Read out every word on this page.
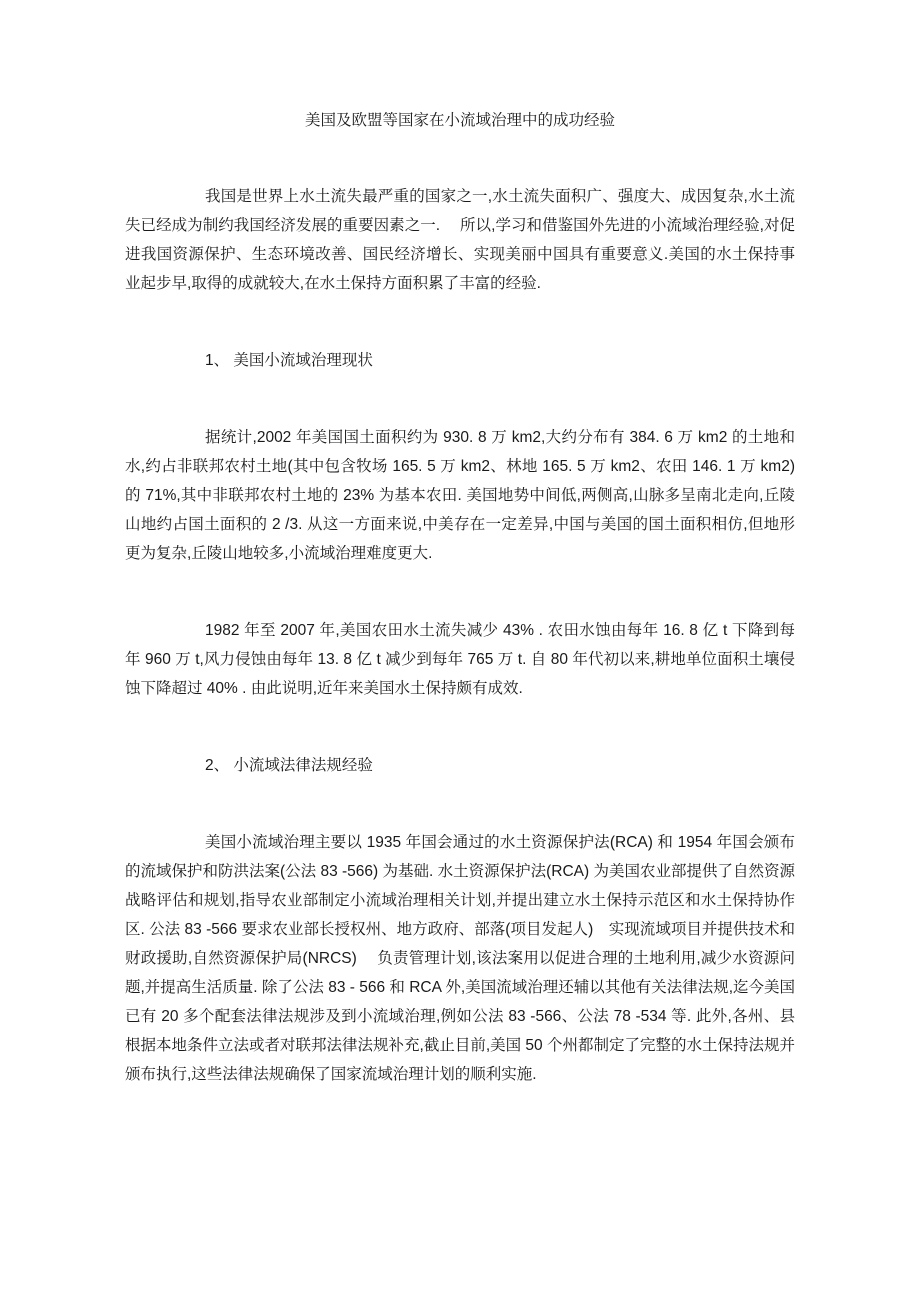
美国及欧盟等国家在小流域治理中的成功经验

我国是世界上水土流失最严重的国家之一,水土流失面积广、强度大、成因复杂,水土流失已经成为制约我国经济发展的重要因素之一.　 所以,学习和借鉴国外先进的小流域治理经验,对促进我国资源保护、生态环境改善、国民经济增长、实现美丽中国具有重要意义.美国的水土保持事业起步早,取得的成就较大,在水土保持方面积累了丰富的经验.

1、 美国小流域治理现状

据统计,2002 年美国国土面积约为 930. 8 万 km2,大约分布有 384. 6 万 km2 的土地和水,约占非联邦农村土地(其中包含牧场 165. 5 万 km2、林地 165. 5 万 km2、农田 146. 1 万 km2) 的 71%,其中非联邦农村土地的 23% 为基本农田. 美国地势中间低,两侧高,山脉多呈南北走向,丘陵山地约占国土面积的 2 /3. 从这一方面来说,中美存在一定差异,中国与美国的国土面积相仿,但地形更为复杂,丘陵山地较多,小流域治理难度更大.

1982 年至 2007 年,美国农田水土流失减少 43% . 农田水蚀由每年 16. 8 亿 t 下降到每年 960 万 t,风力侵蚀由每年 13. 8 亿 t 减少到每年 765 万 t. 自 80 年代初以来,耕地单位面积土壤侵蚀下降超过 40% . 由此说明,近年来美国水土保持颇有成效.

2、 小流域法律法规经验

美国小流域治理主要以 1935 年国会通过的水土资源保护法(RCA) 和 1954 年国会颁布的流域保护和防洪法案(公法 83 -566) 为基础. 水土资源保护法(RCA) 为美国农业部提供了自然资源战略评估和规划,指导农业部制定小流域治理相关计划,并提出建立水土保持示范区和水土保持协作区. 公法 83 -566 要求农业部长授权州、地方政府、部落(项目发起人)　实现流域项目并提供技术和财政援助,自然资源保护局(NRCS)　 负责管理计划,该法案用以促进合理的土地利用,减少水资源问题,并提高生活质量. 除了公法 83 - 566 和 RCA 外,美国流域治理还辅以其他有关法律法规,迄今美国已有 20 多个配套法律法规涉及到小流域治理,例如公法 83 -566、公法 78 -534 等. 此外,各州、县根据本地条件立法或者对联邦法律法规补充,截止目前,美国 50 个州都制定了完整的水土保持法规并颁布执行,这些法律法规确保了国家流域治理计划的顺利实施.
